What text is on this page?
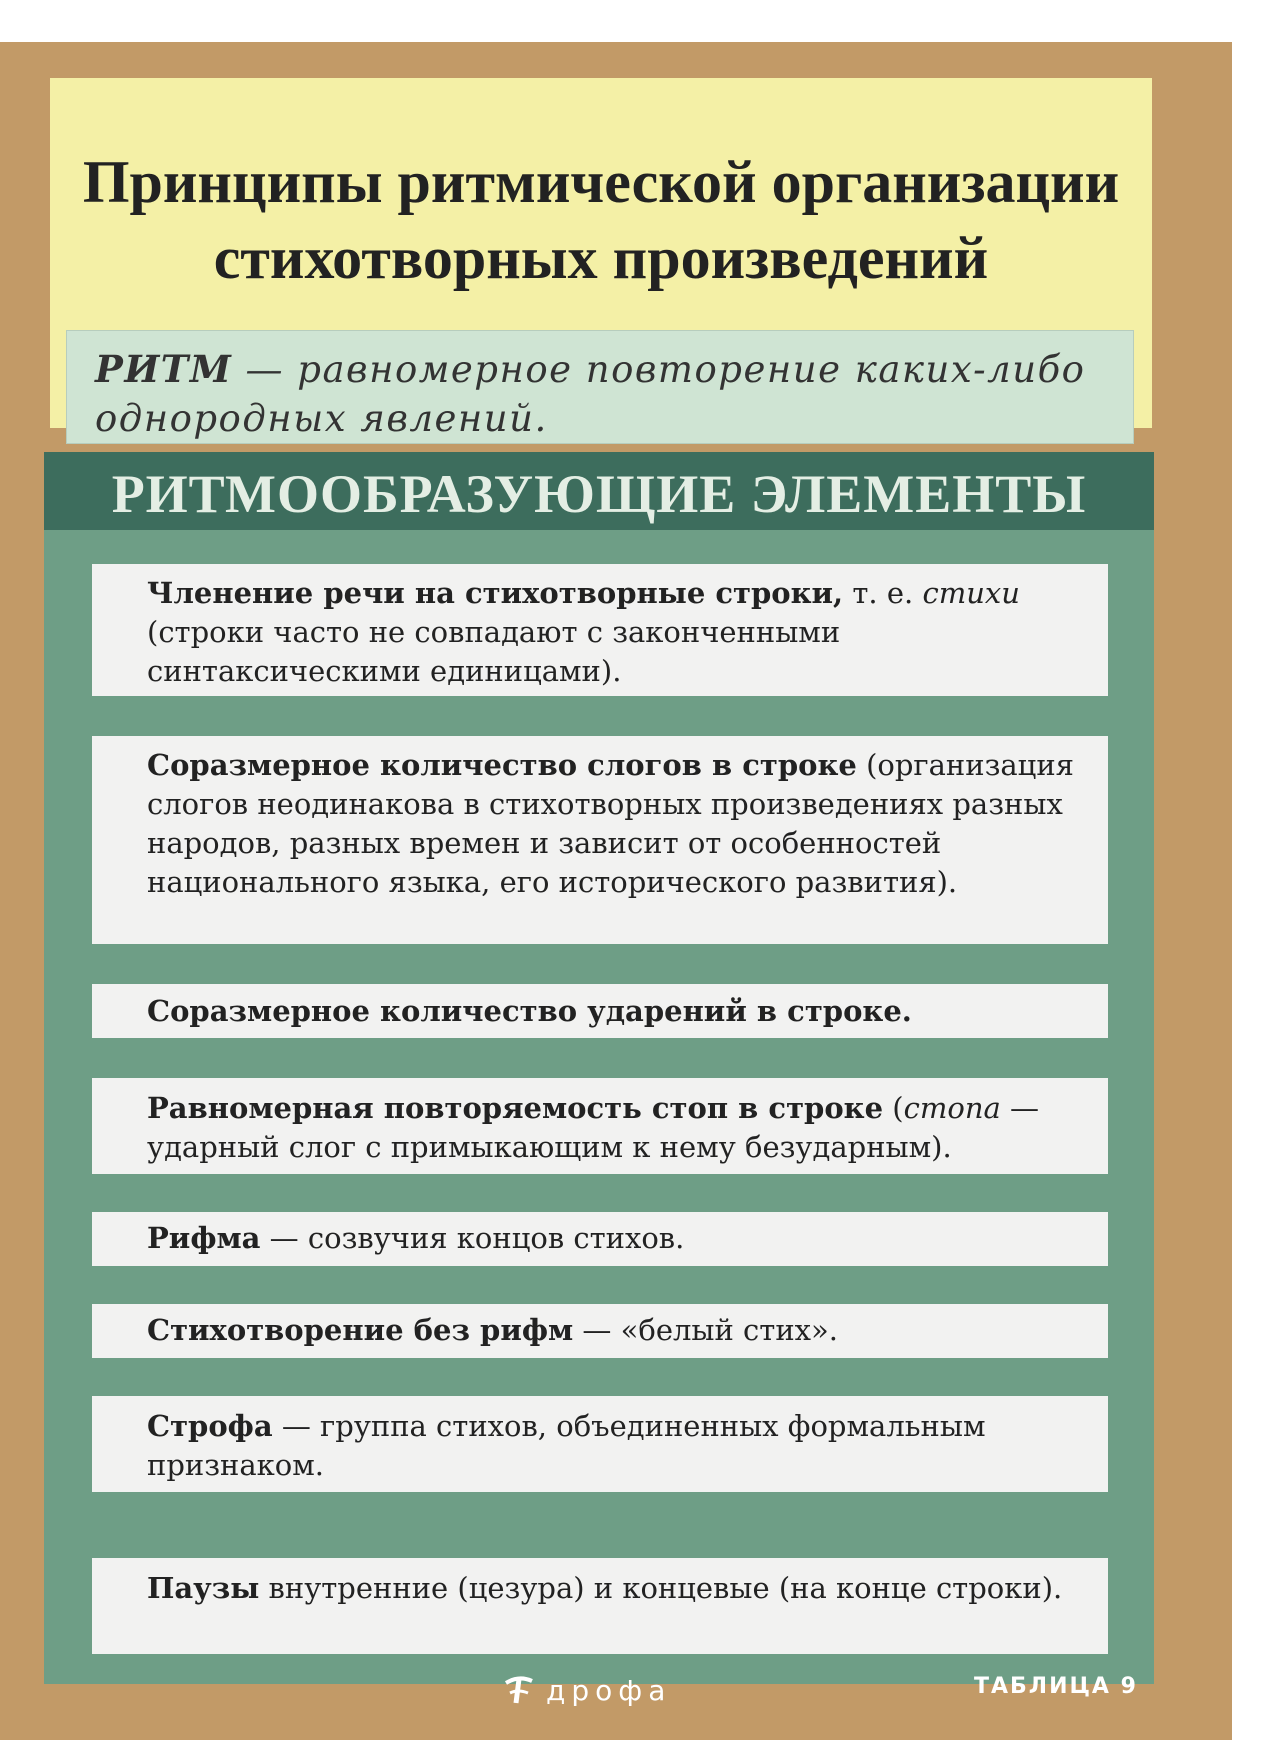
Принципы ритмической организации
стихотворных произведений
РИТМ — равномерное повторение каких-либо однородных явлений.
РИТМООБРАЗУЮЩИЕ ЭЛЕМЕНТЫ
Членение речи на стихотворные строки, т. е. стихи (строки часто не совпадают с законченными синтаксическими единицами).
Соразмерное количество слогов в строке (организация слогов неодинакова в стихотворных произведениях разных народов, разных времен и зависит от особенностей национального языка, его исторического развития).
Соразмерное количество ударений в строке.
Равномерная повторяемость стоп в строке (стопа — ударный слог с примыкающим к нему безударным).
Рифма — созвучия концов стихов.
Стихотворение без рифм — «белый стих».
Строфа — группа стихов, объединенных формальным признаком.
Паузы внутренние (цезура) и концевые (на конце строки).
дрофа	ТАБЛИЦА 9
